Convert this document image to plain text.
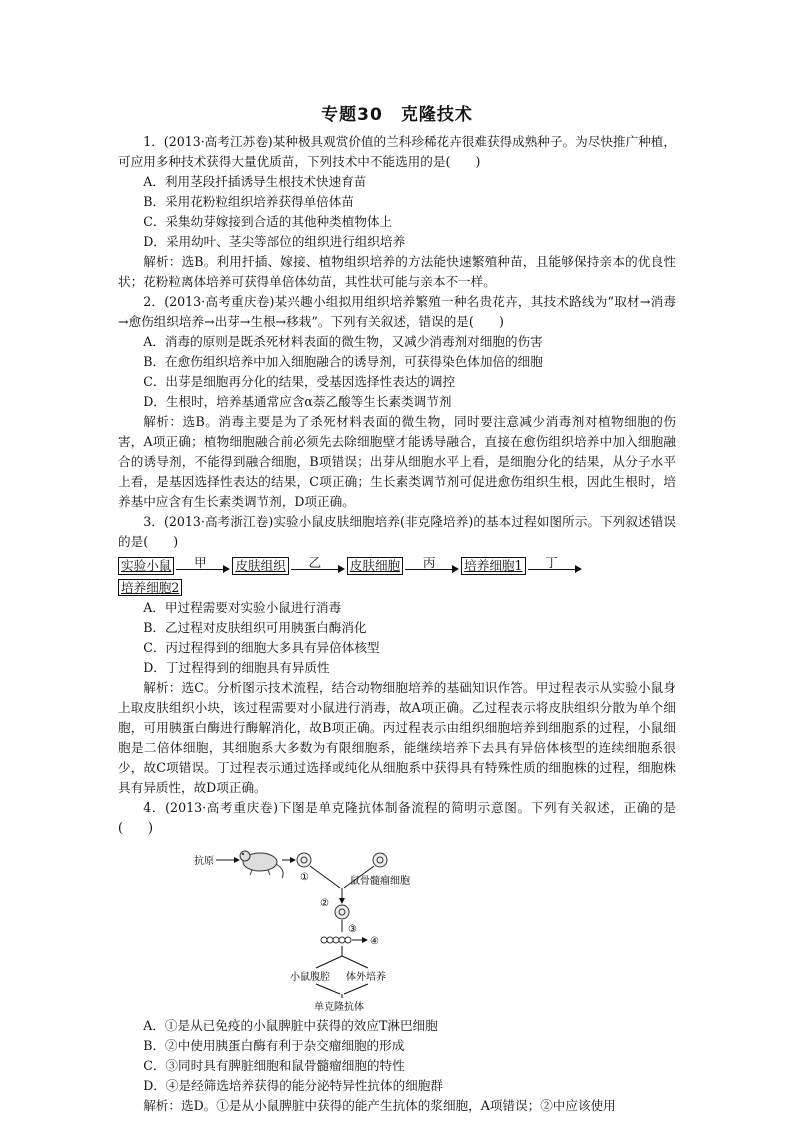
专题30　克隆技术

1．(2013·高考江苏卷)某种极具观赏价值的兰科珍稀花卉很难获得成熟种子。为尽快推广种植，可应用多种技术获得大量优质苗，下列技术中不能选用的是(　　)

A．利用茎段扦插诱导生根技术快速育苗

B．采用花粉粒组织培养获得单倍体苗

C．采集幼芽嫁接到合适的其他种类植物体上

D．采用幼叶、茎尖等部位的组织进行组织培养

解析：选B。利用扦插、嫁接、植物组织培养的方法能快速繁殖种苗，且能够保持亲本的优良性状；花粉粒离体培养可获得单倍体幼苗，其性状可能与亲本不一样。

2．(2013·高考重庆卷)某兴趣小组拟用组织培养繁殖一种名贵花卉，其技术路线为“取材→消毒→愈伤组织培养→出芽→生根→移栽”。下列有关叙述，错误的是(　　)

A．消毒的原则是既杀死材料表面的微生物，又减少消毒剂对细胞的伤害

B．在愈伤组织培养中加入细胞融合的诱导剂，可获得染色体加倍的细胞

C．出芽是细胞再分化的结果，受基因选择性表达的调控

D．生根时，培养基通常应含α萘乙酸等生长素类调节剂

解析：选B。消毒主要是为了杀死材料表面的微生物，同时要注意减少消毒剂对植物细胞的伤害，A项正确；植物细胞融合前必须先去除细胞壁才能诱导融合，直接在愈伤组织培养中加入细胞融合的诱导剂，不能得到融合细胞，B项错误；出芽从细胞水平上看，是细胞分化的结果，从分子水平上看，是基因选择性表达的结果，C项正确；生长素类调节剂可促进愈伤组织生根，因此生根时，培养基中应含有生长素类调节剂，D项正确。

3．(2013·高考浙江卷)实验小鼠皮肤细胞培养(非克隆培养)的基本过程如图所示。下列叙述错误的是(　　)

实验小鼠	甲	皮肤组织	乙	皮肤细胞	丙	培养细胞1	丁
培养细胞2

A．甲过程需要对实验小鼠进行消毒

B．乙过程对皮肤组织可用胰蛋白酶消化

C．丙过程得到的细胞大多具有异倍体核型

D．丁过程得到的细胞具有异质性

解析：选C。分析图示技术流程，结合动物细胞培养的基础知识作答。甲过程表示从实验小鼠身上取皮肤组织小块，该过程需要对小鼠进行消毒，故A项正确。乙过程表示将皮肤组织分散为单个细胞，可用胰蛋白酶进行酶解消化，故B项正确。丙过程表示由组织细胞培养到细胞系的过程，小鼠细胞是二倍体细胞，其细胞系大多数为有限细胞系，能继续培养下去具有异倍体核型的连续细胞系很少，故C项错误。丁过程表示通过选择或纯化从细胞系中获得具有特殊性质的细胞株的过程，细胞株具有异质性，故D项正确。

4．(2013·高考重庆卷)下图是单克隆抗体制备流程的简明示意图。下列有关叙述，正确的是(　　)

抗原
①	鼠骨髓瘤细胞
②
③
④
小鼠腹腔 体外培养
单克隆抗体

A．①是从已免疫的小鼠脾脏中获得的效应T淋巴细胞

B．②中使用胰蛋白酶有利于杂交瘤细胞的形成

C．③同时具有脾脏细胞和鼠骨髓瘤细胞的特性

D．④是经筛选培养获得的能分泌特异性抗体的细胞群

解析：选D。①是从小鼠脾脏中获得的能产生抗体的浆细胞，A项错误；②中应该使用
